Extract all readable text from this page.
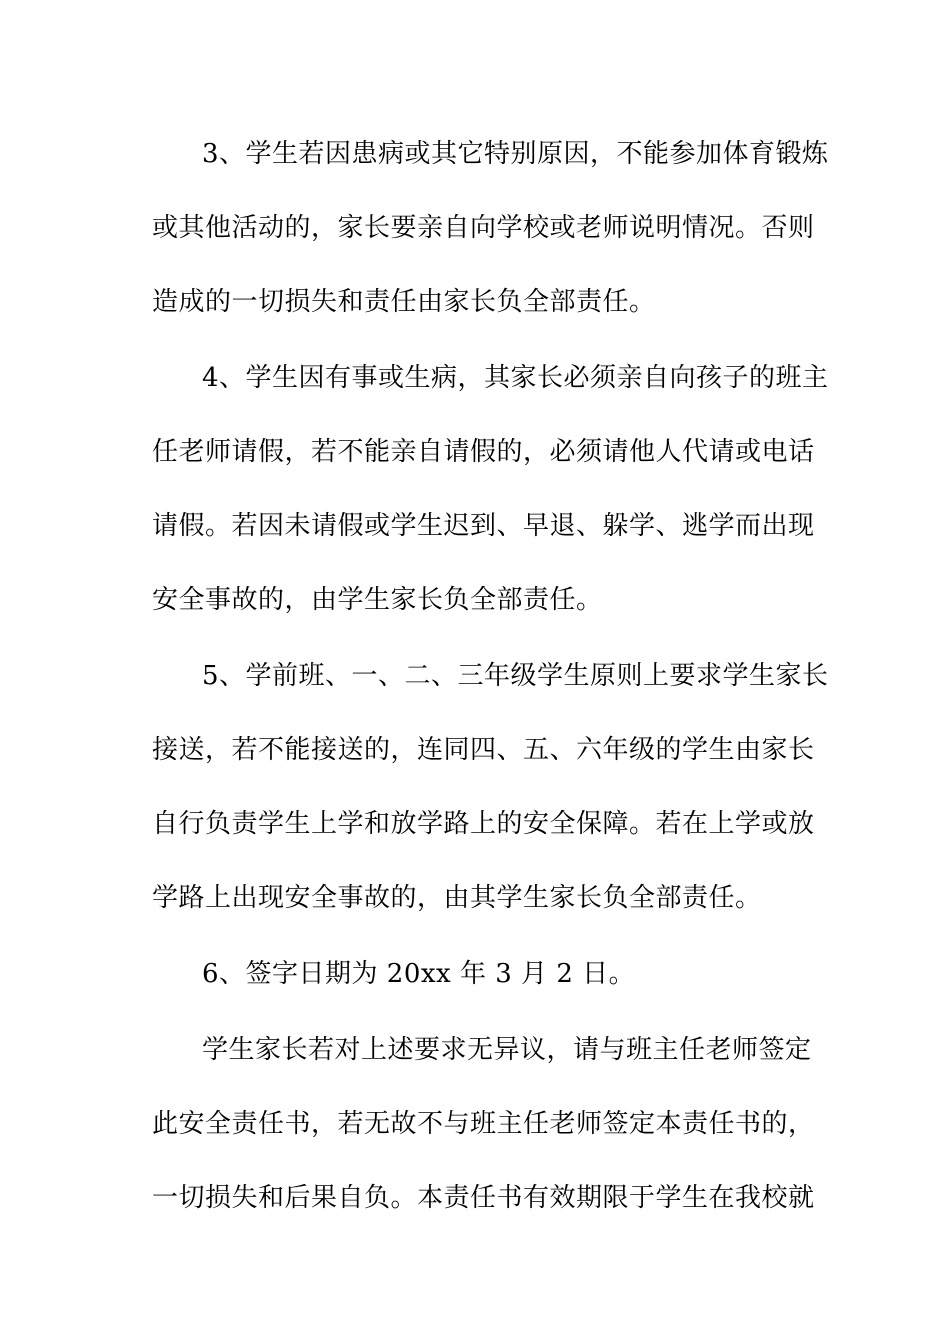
3、学生若因患病或其它特别原因，不能参加体育锻炼
或其他活动的，家长要亲自向学校或老师说明情况。否则
造成的一切损失和责任由家长负全部责任。
4、学生因有事或生病，其家长必须亲自向孩子的班主
任老师请假，若不能亲自请假的，必须请他人代请或电话
请假。若因未请假或学生迟到、早退、躲学、逃学而出现
安全事故的，由学生家长负全部责任。
5、学前班、一、二、三年级学生原则上要求学生家长
接送，若不能接送的，连同四、五、六年级的学生由家长
自行负责学生上学和放学路上的安全保障。若在上学或放
学路上出现安全事故的，由其学生家长负全部责任。
6、签字日期为 20xx 年 3 月 2 日。
学生家长若对上述要求无异议，请与班主任老师签定
此安全责任书，若无故不与班主任老师签定本责任书的，
一切损失和后果自负。本责任书有效期限于学生在我校就
